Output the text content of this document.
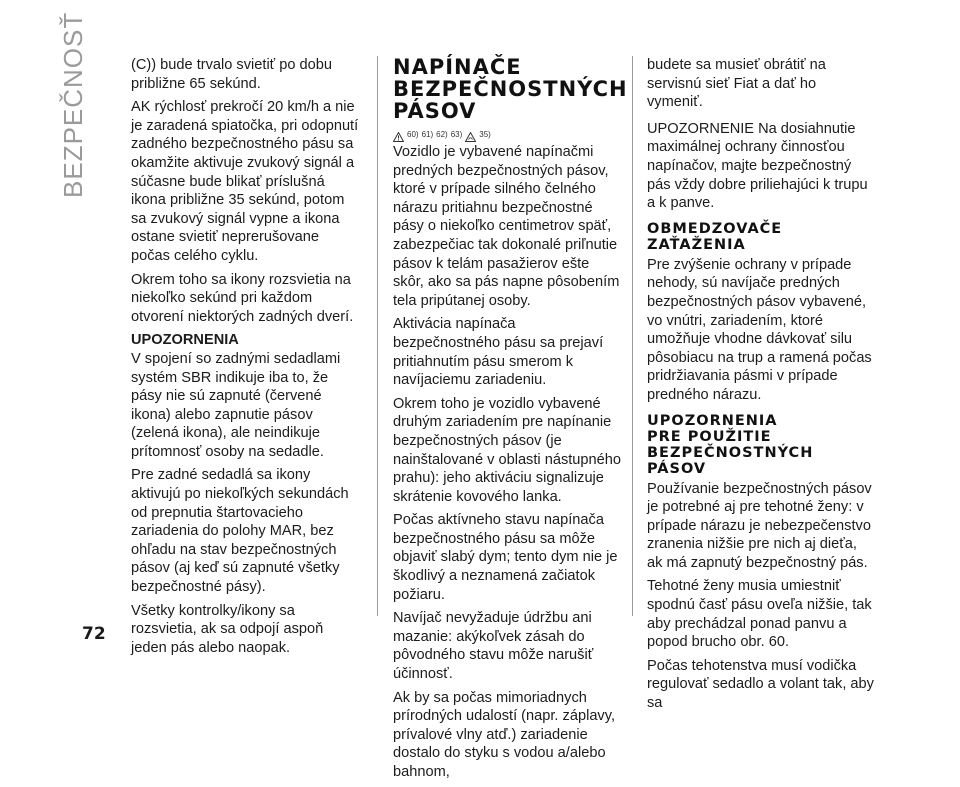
BEZPEČNOSŤ	(C)) bude trvalo svietiť po dobu približne 65 sekúnd.

AK rýchlosť prekročí 20 km/h a nie je zaradená spiatočka, pri odopnutí zadného bezpečnostného pásu sa okamžite aktivuje zvukový signál a súčasne bude blikať príslušná ikona približne 35 sekúnd, potom sa zvukový signál vypne a ikona ostane svietiť neprerušovane počas celého cyklu.

Okrem toho sa ikony rozsvietia na niekoľko sekúnd pri každom otvorení niektorých zadných dverí.

UPOZORNENIA

V spojení so zadnými sedadlami systém SBR indikuje iba to, že pásy nie sú zapnuté (červené ikona) alebo zapnutie pásov (zelená ikona), ale neindikuje prítomnosť osoby na sedadle.

Pre zadné sedadlá sa ikony aktivujú po niekoľkých sekundách od prepnutia štartovacieho zariadenia do polohy MAR, bez ohľadu na stav bezpečnostných pásov (aj keď sú zapnuté všetky bezpečnostné pásy).

Všetky kontrolky/ikony sa rozsvietia, ak sa odpojí aspoň jeden pás alebo naopak.

NAPÍNAČE
BEZPEČNOSTNÝCH
PÁSOV
60) 61) 62) 63) 35)

Vozidlo je vybavené napínačmi predných bezpečnostných pásov, ktoré v prípade silného čelného nárazu pritiahnu bezpečnostné pásy o niekoľko centimetrov späť, zabezpečiac tak dokonalé priľnutie pásov k telám pasažierov ešte skôr, ako sa pás napne pôsobením tela pripútanej osoby.

Aktivácia napínača bezpečnostného pásu sa prejaví pritiahnutím pásu smerom k navíjaciemu zariadeniu.

Okrem toho je vozidlo vybavené druhým zariadením pre napínanie bezpečnostných pásov (je nainštalované v oblasti nástupného prahu): jeho aktiváciu signalizuje skrátenie kovového lanka.

Počas aktívneho stavu napínača bezpečnostného pásu sa môže objaviť slabý dym; tento dym nie je škodlivý a neznamená začiatok požiaru.

Navíjač nevyžaduje údržbu ani mazanie: akýkoľvek zásah do pôvodného stavu môže narušiť účinnosť.

Ak by sa počas mimoriadnych prírodných udalostí (napr. záplavy, prívalové vlny atď.) zariadenie dostalo do styku s vodou a/alebo bahnom,

budete sa musieť obrátiť na servisnú sieť Fiat a dať ho vymeniť.

UPOZORNENIE Na dosiahnutie maximálnej ochrany činnosťou napínačov, majte bezpečnostný pás vždy dobre priliehajúci k trupu a k panve.

OBMEDZOVAČE
ZAŤAŽENIA

Pre zvýšenie ochrany v prípade nehody, sú navíjače predných bezpečnostných pásov vybavené, vo vnútri, zariadením, ktoré umožňuje vhodne dávkovať silu pôsobiacu na trup a ramená počas pridržiavania pásmi v prípade predného nárazu.

UPOZORNENIA
PRE POUŽITIE
BEZPEČNOSTNÝCH
PÁSOV

Používanie bezpečnostných pásov je potrebné aj pre tehotné ženy: v prípade nárazu je nebezpečenstvo zranenia nižšie pre nich aj dieťa, ak má zapnutý bezpečnostný pás.

Tehotné ženy musia umiestniť spodnú časť pásu oveľa nižšie, tak aby prechádzal ponad panvu a popod brucho obr. 60.

Počas tehotenstva musí vodička regulovať sedadlo a volant tak, aby sa

72
